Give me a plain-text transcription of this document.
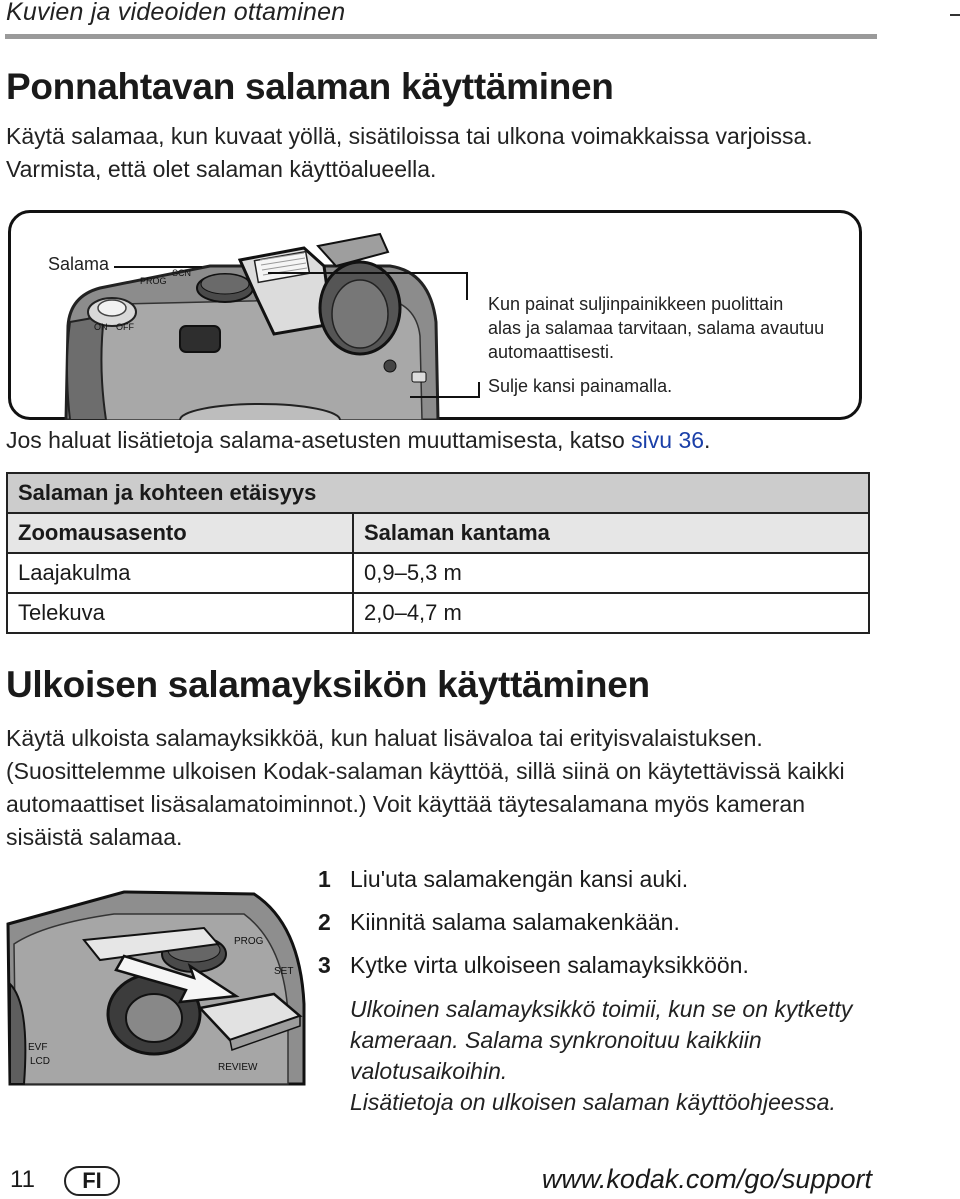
Kuvien ja videoiden ottaminen
Ponnahtavan salaman käyttäminen
Käytä salamaa, kun kuvaat yöllä, sisätiloissa tai ulkona voimakkaissa varjoissa.
Varmista, että olet salaman käyttöalueella.
ON OFF
PROG
SCN
Salama
Kun painat suljinpainikkeen puolittain
alas ja salamaa tarvitaan, salama avautuu
automaattisesti.
Sulje kansi painamalla.
Jos haluat lisätietoja salama-asetusten muuttamisesta, katso sivu 36.
Salaman ja kohteen etäisyys	
Zoomausasento	Salaman kantama
Laajakulma	0,9–5,3 m
Telekuva	2,0–4,7 m
Ulkoisen salamayksikön käyttäminen
Käytä ulkoista salamayksikköä, kun haluat lisävaloa tai erityisvalaistuksen.
(Suosittelemme ulkoisen Kodak-salaman käyttöä, sillä siinä on käytettävissä kaikki
automaattiset lisäsalamatoiminnot.) Voit käyttää täytesalamana myös kameran
sisäistä salamaa.
EVF
LCD
SET
REVIEW
PROG
1 Liu'uta salamakengän kansi auki.
2 Kiinnitä salama salamakenkään.
3 Kytke virta ulkoiseen salamayksikköön.
Ulkoinen salamayksikkö toimii, kun se on kytketty
kameraan. Salama synkronoituu kaikkiin valotusaikoihin.
Lisätietoja on ulkoisen salaman käyttöohjeessa.
11	FI	www.kodak.com/go/support
